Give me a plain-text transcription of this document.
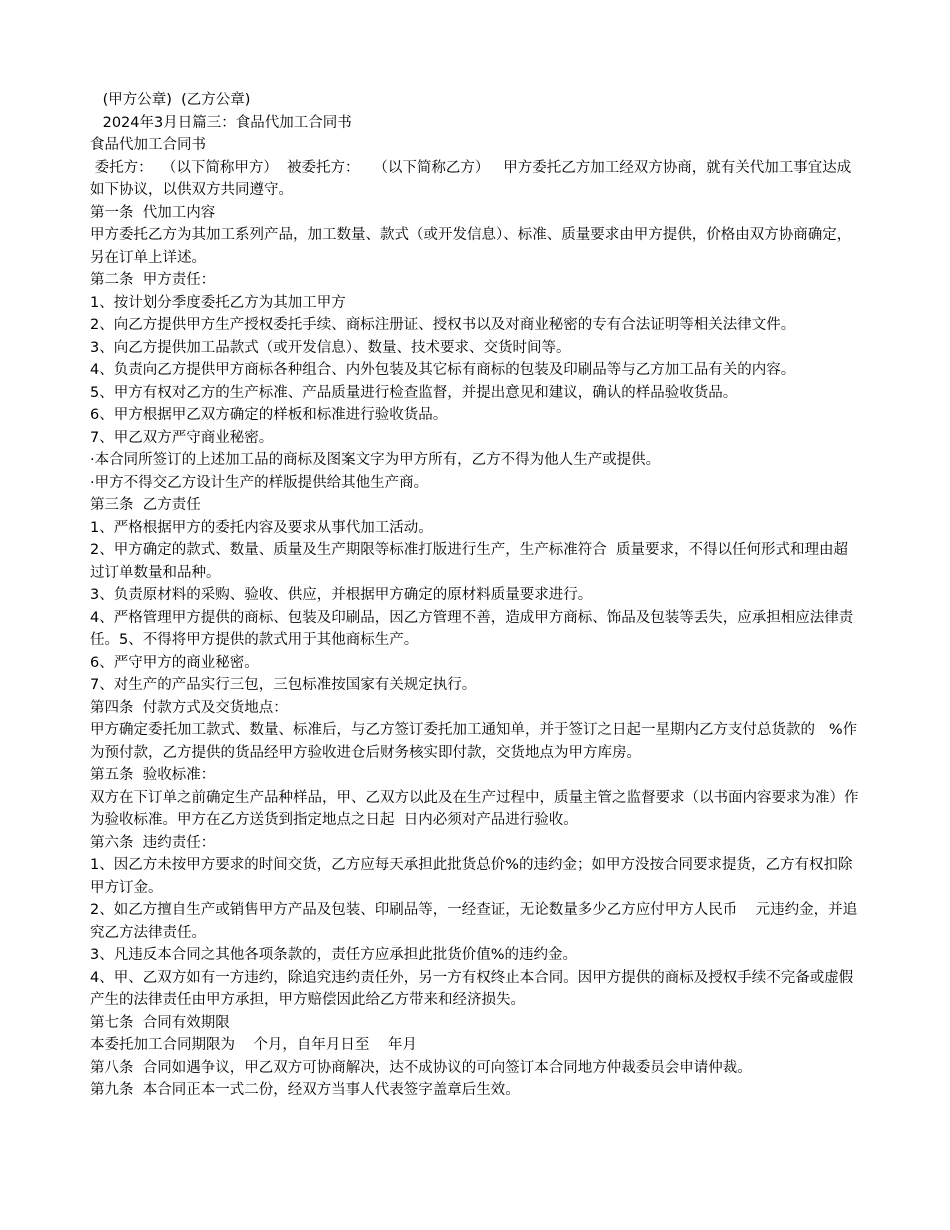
(甲方公章)  (乙方公章)
2024年3月日篇三：食品代加工合同书
食品代加工合同书
委托方：  （以下简称甲方）  被委托方：   （以下简称乙方）   甲方委托乙方加工经双方协商，就有关代加工事宜达成如下协议，以供双方共同遵守。
第一条  代加工内容
甲方委托乙方为其加工系列产品，加工数量、款式（或开发信息）、标准、质量要求由甲方提供，价格由双方协商确定，另在订单上详述。
第二条  甲方责任：
1、按计划分季度委托乙方为其加工甲方
2、向乙方提供甲方生产授权委托手续、商标注册证、授权书以及对商业秘密的专有合法证明等相关法律文件。
3、向乙方提供加工品款式（或开发信息）、数量、技术要求、交货时间等。
4、负责向乙方提供甲方商标各种组合、内外包装及其它标有商标的包装及印刷品等与乙方加工品有关的内容。
5、甲方有权对乙方的生产标准、产品质量进行检查监督，并提出意见和建议，确认的样品验收货品。
6、甲方根据甲乙双方确定的样板和标准进行验收货品。
7、甲乙双方严守商业秘密。
·本合同所签订的上述加工品的商标及图案文字为甲方所有，乙方不得为他人生产或提供。
·甲方不得交乙方设计生产的样版提供给其他生产商。
第三条  乙方责任
1、严格根据甲方的委托内容及要求从事代加工活动。
2、甲方确定的款式、数量、质量及生产期限等标准打版进行生产，生产标准符合  质量要求，不得以任何形式和理由超过订单数量和品种。
3、负责原材料的采购、验收、供应，并根据甲方确定的原材料质量要求进行。
4、严格管理甲方提供的商标、包装及印刷品，因乙方管理不善，造成甲方商标、饰品及包装等丢失，应承担相应法律责任。5、不得将甲方提供的款式用于其他商标生产。
6、严守甲方的商业秘密。
7、对生产的产品实行三包，三包标准按国家有关规定执行。
第四条  付款方式及交货地点：
甲方确定委托加工款式、数量、标准后，与乙方签订委托加工通知单，并于签订之日起一星期内乙方支付总货款的   %作为预付款，乙方提供的货品经甲方验收进仓后财务核实即付款，交货地点为甲方库房。
第五条  验收标准：
双方在下订单之前确定生产品种样品，甲、乙双方以此及在生产过程中，质量主管之监督要求（以书面内容要求为准）作为验收标准。甲方在乙方送货到指定地点之日起  日内必须对产品进行验收。
第六条  违约责任：
1、因乙方未按甲方要求的时间交货，乙方应每天承担此批货总价%的违约金；如甲方没按合同要求提货，乙方有权扣除甲方订金。
2、如乙方擅自生产或销售甲方产品及包装、印刷品等，一经查证，无论数量多少乙方应付甲方人民币    元违约金，并追究乙方法律责任。
3、凡违反本合同之其他各项条款的，责任方应承担此批货价值%的违约金。
4、甲、乙双方如有一方违约，除追究违约责任外，另一方有权终止本合同。因甲方提供的商标及授权手续不完备或虚假产生的法律责任由甲方承担，甲方赔偿因此给乙方带来和经济损失。
第七条  合同有效期限
本委托加工合同期限为    个月，自年月日至    年月
第八条  合同如遇争议，甲乙双方可协商解决，达不成协议的可向签订本合同地方仲裁委员会申请仲裁。
第九条  本合同正本一式二份，经双方当事人代表签字盖章后生效。
